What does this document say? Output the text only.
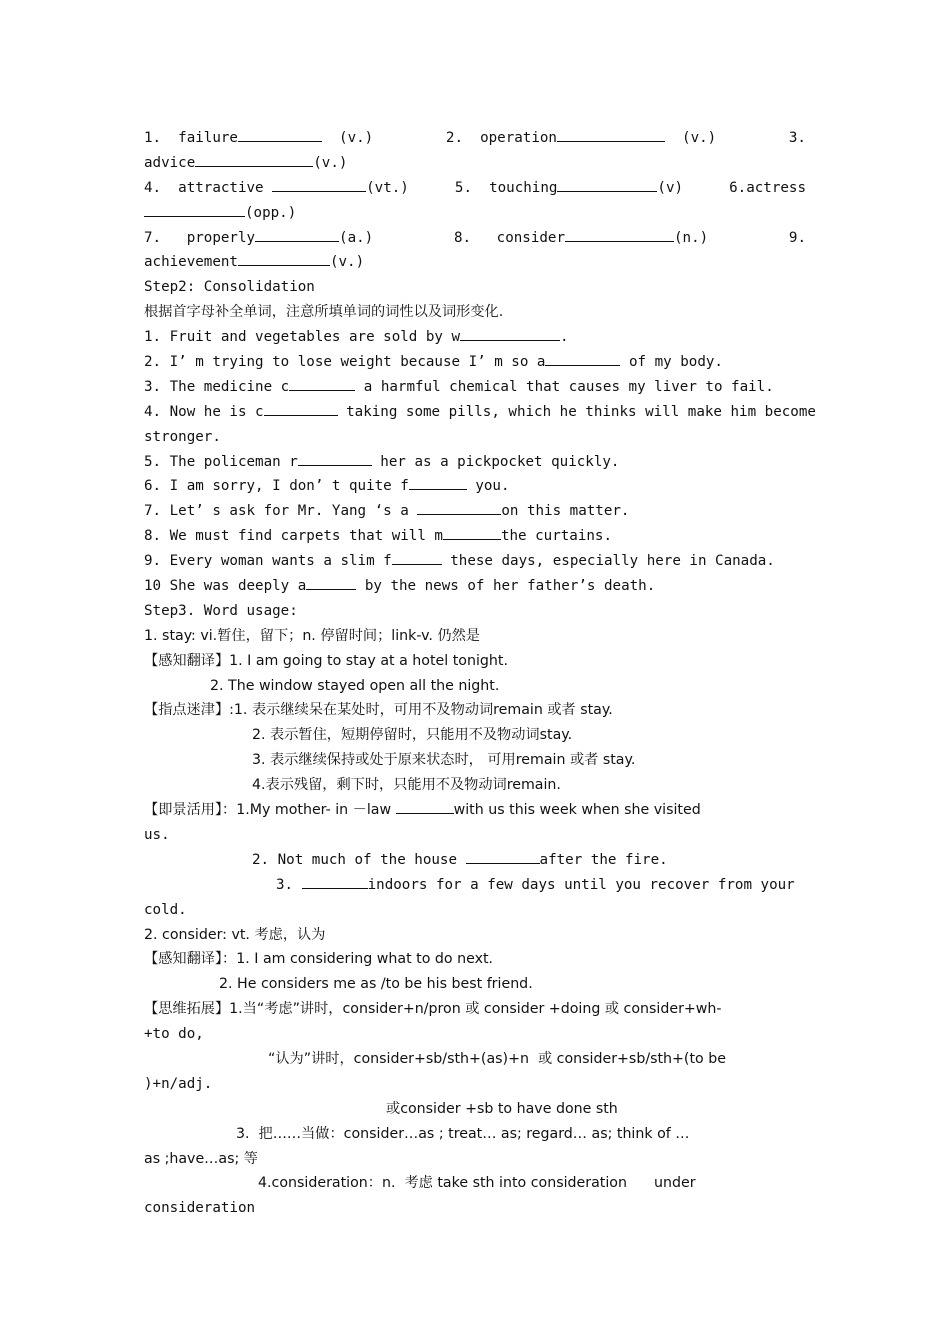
1.  failure	(v.)	2.  operation	(v.)	3.
advice	(v.)
4.  attractive	(vt.)	5.  touching	(v)	6.actress
(opp.)
7.   properly	(a.)	8.   consider	(n.)	9.
achievement	(v.)
Step2: Consolidation
根据首字母补全单词，注意所填单词的词性以及词形变化.
1. Fruit and vegetables are sold by w	.
2. I’ m trying to lose weight because I’ m so a	of my body.
3. The medicine c	a harmful chemical that causes my liver to fail.
4. Now he is c	taking some pills, which he thinks will make him become
stronger.
5. The policeman r	her as a pickpocket quickly.
6. I am sorry, I don’ t quite f	you.
7. Let’ s ask for Mr. Yang ‘s a	on this matter.
8. We must find carpets that will m	the curtains.
9. Every woman wants a slim f	these days, especially here in Canada.
10 She was deeply a	by the news of her father’s death.
Step3. Word usage:
1. stay: vi.暂住，留下；n. 停留时间；link-v. 仍然是
【感知翻译】1. I am going to stay at a hotel tonight.
2. The window stayed open all the night.
【指点迷津】:1. 表示继续呆在某处时，可用不及物动词remain 或者 stay.
2. 表示暂住，短期停留时，只能用不及物动词stay.
3. 表示继续保持或处于原来状态时， 可用remain 或者 stay.
4.表示残留，剩下时，只能用不及物动词remain.
【即景活用】：1.My mother- in －law	with us this week when she visited
us.
2. Not much of the house	after the fire.
3.	indoors for a few days until you recover from your
cold.
2. consider: vt. 考虑，认为
【感知翻译】：1. I am considering what to do next.
2. He considers me as /to be his best friend.
【思维拓展】1.当“考虑”讲时，consider+n/pron 或 consider +doing 或 consider+wh-
+to do,
“认为”讲时，consider+sb/sth+(as)+n  或 consider+sb/sth+(to be
)+n/adj.
或consider +sb to have done sth
3.  把……当做：consider…as ; treat… as; regard… as; think of …
as ;have…as; 等
4.consideration：n.  考虑 take sth into consideration      under
consideration
